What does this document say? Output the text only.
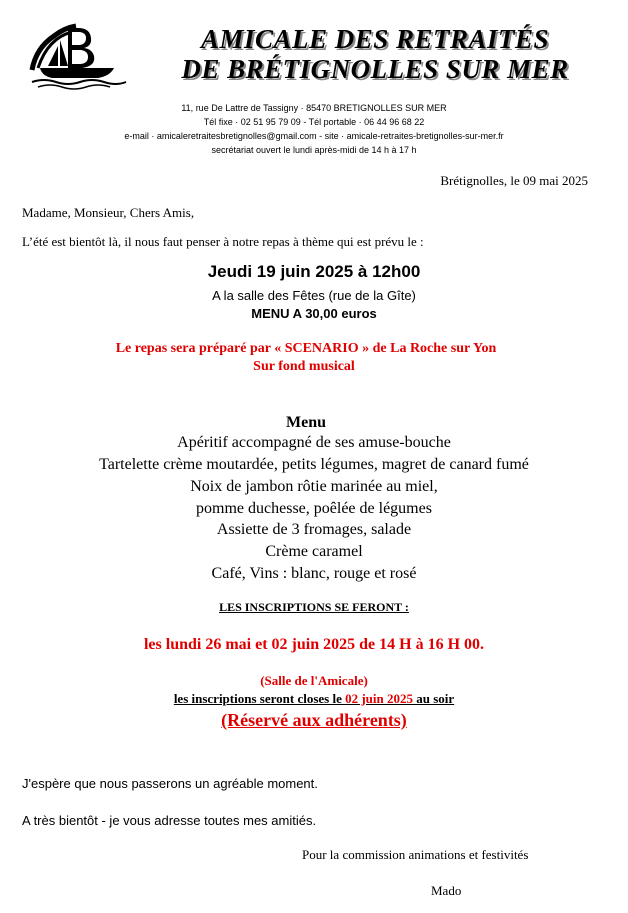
AMICALE DES RETRAITÉS
DE BRÉTIGNOLLES SUR MER
11, rue De Lattre de Tassigny · 85470 BRETIGNOLLES SUR MER
Tél fixe · 02 51 95 79 09 - Tél portable · 06 44 96 68 22
e-mail · amicaleretraitesbretignolles@gmail.com - site · amicale-retraites-bretignolles-sur-mer.fr
secrétariat ouvert le lundi après-midi de 14 h à 17 h
Brétignolles, le 09 mai 2025
Madame, Monsieur, Chers Amis,
L’été est bientôt là, il nous faut penser à notre repas à thème qui est prévu le :
Jeudi 19 juin 2025 à 12h00
A la salle des Fêtes (rue de la Gîte)
MENU A 30,00 euros
Le repas sera préparé par « SCENARIO » de La Roche sur Yon
Sur fond musical
Menu
Apéritif accompagné de ses amuse-bouche
Tartelette crème moutardée, petits légumes, magret de canard fumé
Noix de jambon rôtie marinée au miel,
pomme duchesse, poêlée de légumes
Assiette de 3 fromages, salade
Crème caramel
Café, Vins : blanc, rouge et rosé
LES INSCRIPTIONS SE FERONT :
les lundi 26 mai et 02 juin 2025 de 14 H à 16 H 00.
(Salle de l'Amicale)
les inscriptions seront closes le 02 juin 2025 au soir
(Réservé aux adhérents)
J'espère que nous passerons un agréable moment.
A très bientôt - je vous adresse toutes mes amitiés.
Pour la commission animations et festivités
Mado
